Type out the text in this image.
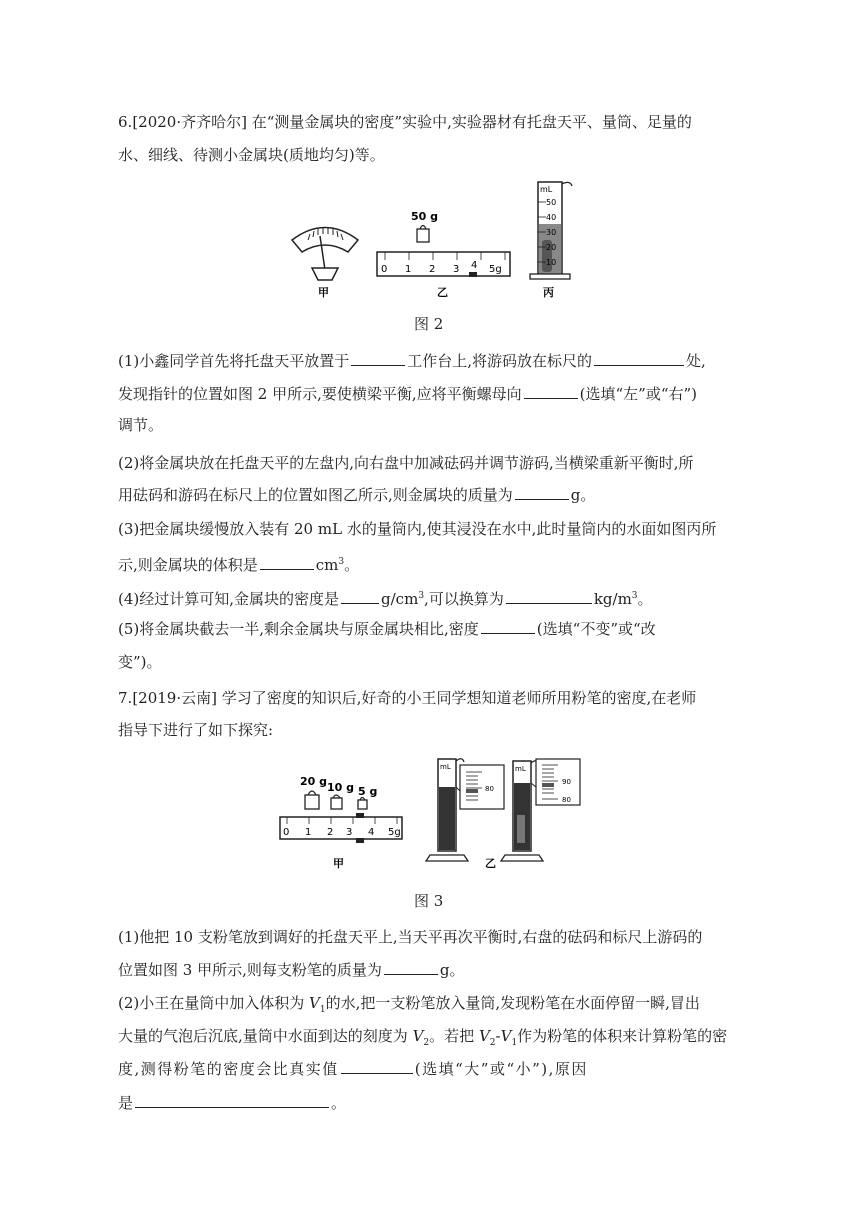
6.[2020·齐齐哈尔] 在“测量金属块的密度”实验中,实验器材有托盘天平、量筒、足量的
水、细线、待测小金属块(质地均匀)等。
50 g
0 1 2 3 4 5g
mL
50
40
30
20
10
甲	乙	丙
图 2
(1)小鑫同学首先将托盘天平放置于	工作台上,将游码放在标尺的	处,
发现指针的位置如图 2 甲所示,要使横梁平衡,应将平衡螺母向	(选填“左”或“右”)
调节。
(2)将金属块放在托盘天平的左盘内,向右盘中加减砝码并调节游码,当横梁重新平衡时,所
用砝码和游码在标尺上的位置如图乙所示,则金属块的质量为	g。
(3)把金属块缓慢放入装有 20 mL 水的量筒内,使其浸没在水中,此时量筒内的水面如图丙所
示,则金属块的体积是	$cm^3$。
(4)经过计算可知,金属块的密度是	$g/cm^3$,可以换算为	$kg/m^3$。
(5)将金属块截去一半,剩余金属块与原金属块相比,密度	(选填“不变”或“改
变”)。
7.[2019·云南] 学习了密度的知识后,好奇的小王同学想知道老师所用粉笔的密度,在老师
指导下进行了如下探究:
20 g 10 g 5 g
0 1 2 3 4 5g
mL
80
mL
90
80
甲	乙
图 3
(1)他把 10 支粉笔放到调好的托盘天平上,当天平再次平衡时,右盘的砝码和标尺上游码的
位置如图 3 甲所示,则每支粉笔的质量为	g。
(2)小王在量筒中加入体积为 $V_1$的水,把一支粉笔放入量筒,发现粉笔在水面停留一瞬,冒出
大量的气泡后沉底,量筒中水面到达的刻度为 $V_2$。若把 $V_2-V_1$作为粉笔的体积来计算粉笔的密
度,测得粉笔的密度会比真实值	(选填“大”或“小”),原因
是	。
